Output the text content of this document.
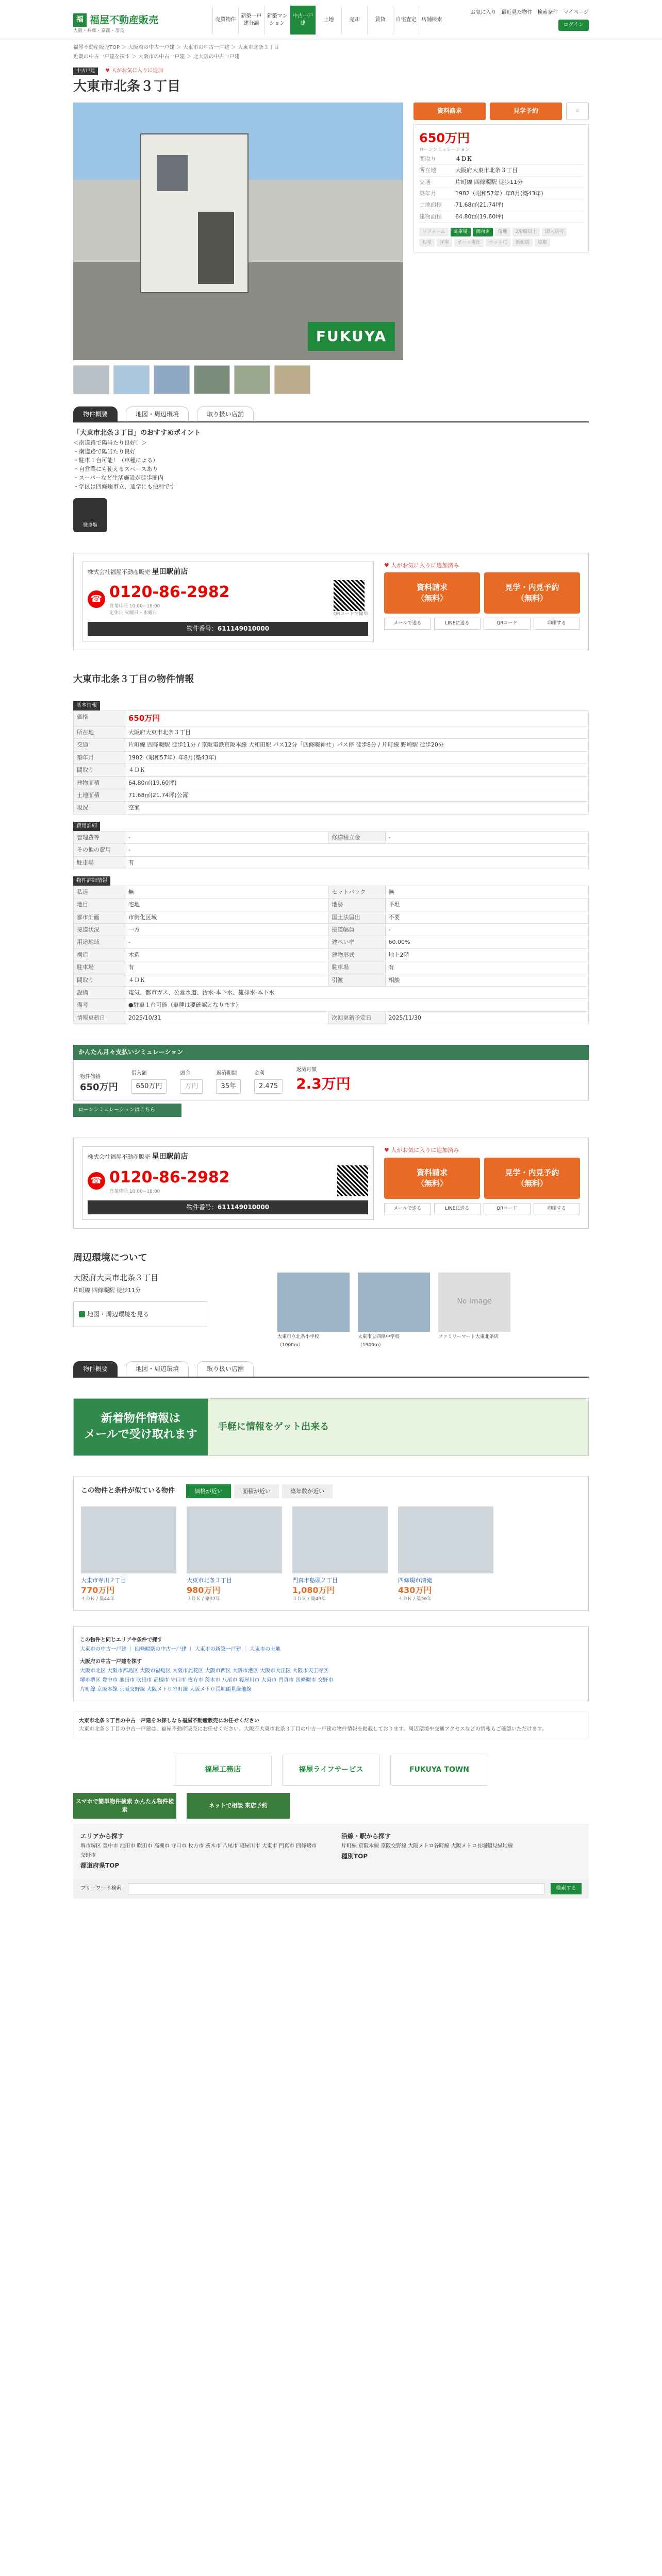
福 福屋不動産販売
大阪・兵庫・京都・奈良
売買物件
新築一戸建分譲
新築マンション
中古一戸建
土地	売却	賃貸	自宅査定	店舗検索
お気に入り 最近見た物件 検索条件 マイページ
ログイン
福屋不動産販売TOP ＞ 大阪府の中古一戸建 ＞ 大東市の中古一戸建 ＞ 大東市北条３丁目
近畿の中古一戸建を探す ＞ 大阪市の中古一戸建 ＞ 北大阪の中古一戸建
中古戸建 ♥ 人がお気に入りに追加
大東市北条３丁目
FUKUYA
資料請求	見学予約	☆
650万円
ローンシミュレーション
間取り	４ＤＫ
所在地	大阪府大東市北条３丁目
交通	片町線 四條畷駅 徒歩11分
築年月	1982（昭和57年）年8月(築43年)
土地面積	71.68㎡(21.74坪)
建物面積	64.80㎡(19.60坪)
リフォーム	駐車場	南向き	角地	2沿線以上	即入居可
和室	洋室	オール電化	ペット可	新耐震	車庫
物件概要	地図・周辺環境	取り扱い店舗
「大東市北条３丁目」のおすすめポイント

＜南道路で陽当たり良好！＞

・南道路で陽当たり良好

・駐車１台可能！（車種による）

・自営業にも使えるスペースあり

・スーパーなど生活施設が徒歩圏内

・学区は四條畷市立、通学にも便利です

駐車場
株式会社福屋不動産販売 星田駅前店
☎ 0120-86-2982
営業時間 10:00~18:00
定休日 火曜日・水曜日	QRコードで簡単
物件番号：611149010000
♥ 人がお気に入りに追加済み
資料請求
（無料）
見学・内見予約
（無料）
メールで送る	LINEに送る	QRコード	印刷する
大東市北条３丁目の物件情報
基本情報
価格	650万円
所在地	大阪府大東市北条３丁目
交通	片町線 四條畷駅 徒歩11分 / 京阪電鉄京阪本線 大和田駅 バス12分「四條畷神社」バス停 徒歩8分 / 片町線 野崎駅 徒歩20分
築年月	1982（昭和57年）年8月(築43年)
間取り	４ＤＫ
建物面積	64.80㎡(19.60坪)
土地面積	71.68㎡(21.74坪)公簿
現況	空家
費用詳細
管理費等	-	修繕積立金	-
その他の費用	-		
駐車場	有		
物件詳細情報
私道	無	セットバック	無
地目	宅地	地勢	平坦
都市計画	市街化区域	国土法届出	不要
接道状況	一方	接道幅員	-
用途地域	-	建ぺい率	60.00%
構造	木造	建物形式	地上2階
駐車場	有	駐車場	有
間取り	４ＤＫ	引渡	相談
設備	電気、都市ガス、公営水道、汚水-本下水、雑排水-本下水		
備考	●駐車１台可能（車種は要確認となります）		
情報更新日	2025/10/31	次回更新予定日	2025/11/30
かんたん月々支払いシミュレーション
物件価格
650万円
借入額
650万円
頭金
万円
返済期間
35年
金利
2.475
返済月額
2.3万円
ローンシミュレーションはこちら
株式会社福屋不動産販売 星田駅前店
☎ 0120-86-2982
営業時間 10:00~18:00
物件番号：611149010000
♥ 人がお気に入りに追加済み
資料請求
（無料）
見学・内見予約
（無料）
メールで送る	LINEに送る	QRコード	印刷する
周辺環境について
大阪府大東市北条３丁目
片町線 四條畷駅 徒歩11分
地図・周辺環境を見る
大東市立北条小学校
（1000m）
大東市立四條中学校
（1900m）
No Image
ファミリーマート大東北条店
物件概要	地図・周辺環境	取り扱い店舗
新着物件情報は
メールで受け取れます
手軽に情報をゲット出来る
この物件と条件が似ている物件	価格が近い	面積が近い	築年数が近い
大東市寺川２丁目
770万円
４ＤＫ / 築44年
大東市北条３丁目
980万円
３ＤＫ / 築37年
門真市島頭２丁目
1,080万円
３ＤＫ / 築49年
四條畷市清滝
430万円
４ＤＫ / 築56年
この物件と同じエリアや条件で探す
大東市の中古一戸建 ｜ 四條畷駅の中古一戸建 ｜ 大東市の新築一戸建 ｜ 大東市の土地
大阪府の中古一戸建を探す
大阪市北区 大阪市都島区 大阪市福島区 大阪市此花区 大阪市西区 大阪市港区 大阪市大正区 大阪市天王寺区
堺市堺区 豊中市 池田市 吹田市 高槻市 守口市 枚方市 茨木市 八尾市 寝屋川市 大東市 門真市 四條畷市 交野市
片町線 京阪本線 京阪交野線 大阪メトロ谷町線 大阪メトロ長堀鶴見緑地線
大東市北条３丁目の中古一戸建をお探しなら福屋不動産販売にお任せください
大東市北条３丁目の中古一戸建は、福屋不動産販売にお任せください。大阪府大東市北条３丁目の中古一戸建の物件情報を掲載しております。周辺環境や交通アクセスなどの情報もご確認いただけます。
福屋工務店	福屋ライフサービス	FUKUYA TOWN
スマホで簡単物件検索 かんたん物件検索
ネットで相談 来店予約
エリアから探す
堺市堺区 豊中市 池田市 吹田市 高槻市 守口市 枚方市 茨木市 八尾市 寝屋川市 大東市 門真市 四條畷市 交野市
都道府県TOP
沿線・駅から探す
片町線 京阪本線 京阪交野線 大阪メトロ谷町線 大阪メトロ長堀鶴見緑地線
種別TOP
フリーワード検索	検索する
